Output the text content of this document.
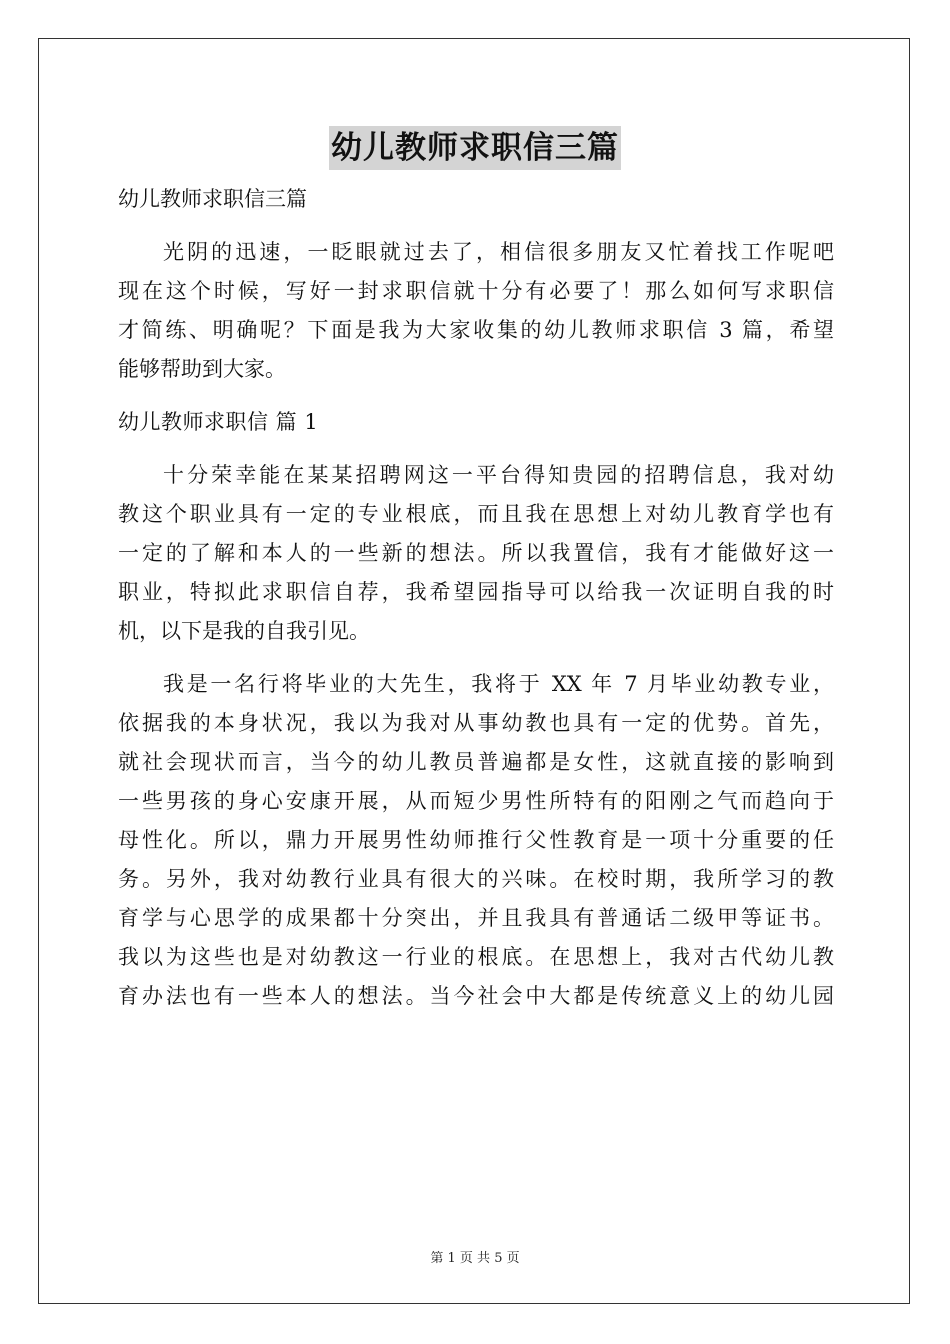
幼儿教师求职信三篇
幼儿教师求职信三篇
光阴的迅速，一眨眼就过去了，相信很多朋友又忙着找工作呢吧
现在这个时候，写好一封求职信就十分有必要了！那么如何写求职信
才简练、明确呢？下面是我为大家收集的幼儿教师求职信 3 篇，希望
能够帮助到大家。
幼儿教师求职信 篇 1
十分荣幸能在某某招聘网这一平台得知贵园的招聘信息，我对幼
教这个职业具有一定的专业根底，而且我在思想上对幼儿教育学也有
一定的了解和本人的一些新的想法。所以我置信，我有才能做好这一
职业，特拟此求职信自荐，我希望园指导可以给我一次证明自我的时
机，以下是我的自我引见。
我是一名行将毕业的大先生，我将于 XX 年 7 月毕业幼教专业，
依据我的本身状况，我以为我对从事幼教也具有一定的优势。首先，
就社会现状而言，当今的幼儿教员普遍都是女性，这就直接的影响到
一些男孩的身心安康开展，从而短少男性所特有的阳刚之气而趋向于
母性化。所以，鼎力开展男性幼师推行父性教育是一项十分重要的任
务。另外，我对幼教行业具有很大的兴味。在校时期，我所学习的教
育学与心思学的成果都十分突出，并且我具有普通话二级甲等证书。
我以为这些也是对幼教这一行业的根底。在思想上，我对古代幼儿教
育办法也有一些本人的想法。当今社会中大都是传统意义上的幼儿园
第 1 页 共 5 页
